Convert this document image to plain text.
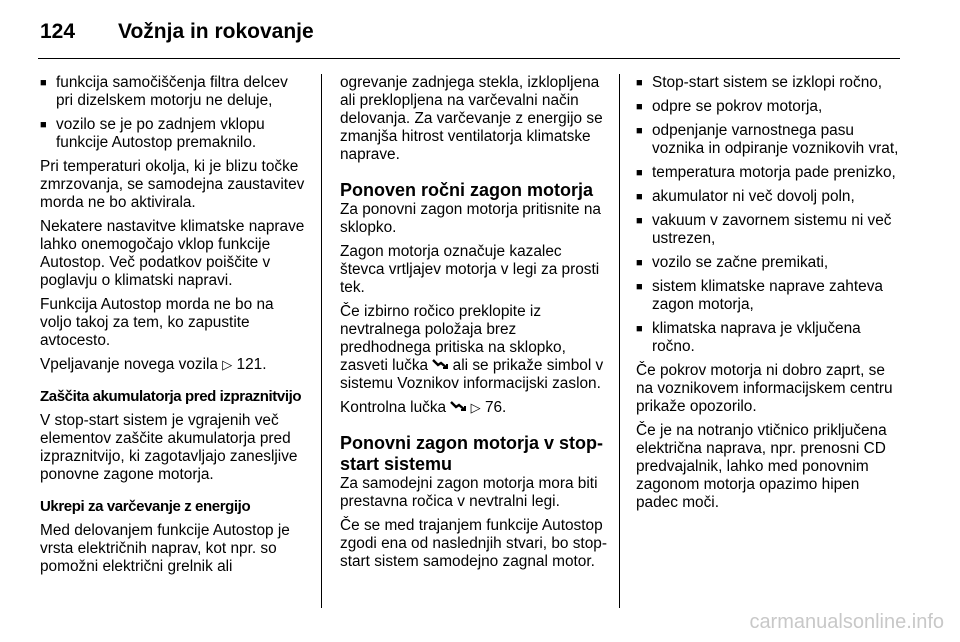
124	Vožnja in rokovanje
■ funkcija samočiščenja filtra delcev pri dizelskem motorju ne deluje,
■ vozilo se je po zadnjem vklopu funkcije Autostop premaknilo.

Pri temperaturi okolja, ki je blizu točke zmrzovanja, se samodejna zaustavitev morda ne bo aktivirala.

Nekatere nastavitve klimatske naprave lahko onemogočajo vklop funkcije Autostop. Več podatkov poiščite v poglavju o klimatski napravi.

Funkcija Autostop morda ne bo na voljo takoj za tem, ko zapustite avtocesto.

Vpeljavanje novega vozila ▷ 121.

Zaščita akumulatorja pred izpraznitvijo

V stop-start sistem je vgrajenih več elementov zaščite akumulatorja pred izpraznitvijo, ki zagotavljajo zanesljive ponovne zagone motorja.

Ukrepi za varčevanje z energijo

Med delovanjem funkcije Autostop je vrsta električnih naprav, kot npr. so pomožni električni grelnik ali

ogrevanje zadnjega stekla, izklopljena ali preklopljena na varčevalni način delovanja. Za varčevanje z energijo se zmanjša hitrost ventilatorja klimatske naprave.

Ponoven ročni zagon motorja

Za ponovni zagon motorja pritisnite na sklopko.

Zagon motorja označuje kazalec števca vrtljajev motorja v legi za prosti tek.

Če izbirno ročico preklopite iz nevtralnega položaja brez predhodnega pritiska na sklopko, zasveti lučka ali se prikaže simbol v sistemu Voznikov informacijski zaslon.

Kontrolna lučka ▷ 76.

Ponovni zagon motorja v stop-start sistemu

Za samodejni zagon motorja mora biti prestavna ročica v nevtralni legi.

Če se med trajanjem funkcije Autostop zgodi ena od naslednjih stvari, bo stop-start sistem samodejno zagnal motor.

■ Stop-start sistem se izklopi ročno,
■ odpre se pokrov motorja,
■ odpenjanje varnostnega pasu voznika in odpiranje voznikovih vrat,
■ temperatura motorja pade prenizko,
■ akumulator ni več dovolj poln,
■ vakuum v zavornem sistemu ni več ustrezen,
■ vozilo se začne premikati,
■ sistem klimatske naprave zahteva zagon motorja,
■ klimatska naprava je vključena ročno.

Če pokrov motorja ni dobro zaprt, se na voznikovem informacijskem centru prikaže opozorilo.

Če je na notranjo vtičnico priključena električna naprava, npr. prenosni CD predvajalnik, lahko med ponovnim zagonom motorja opazimo hipen padec moči.

carmanualsonline.info
